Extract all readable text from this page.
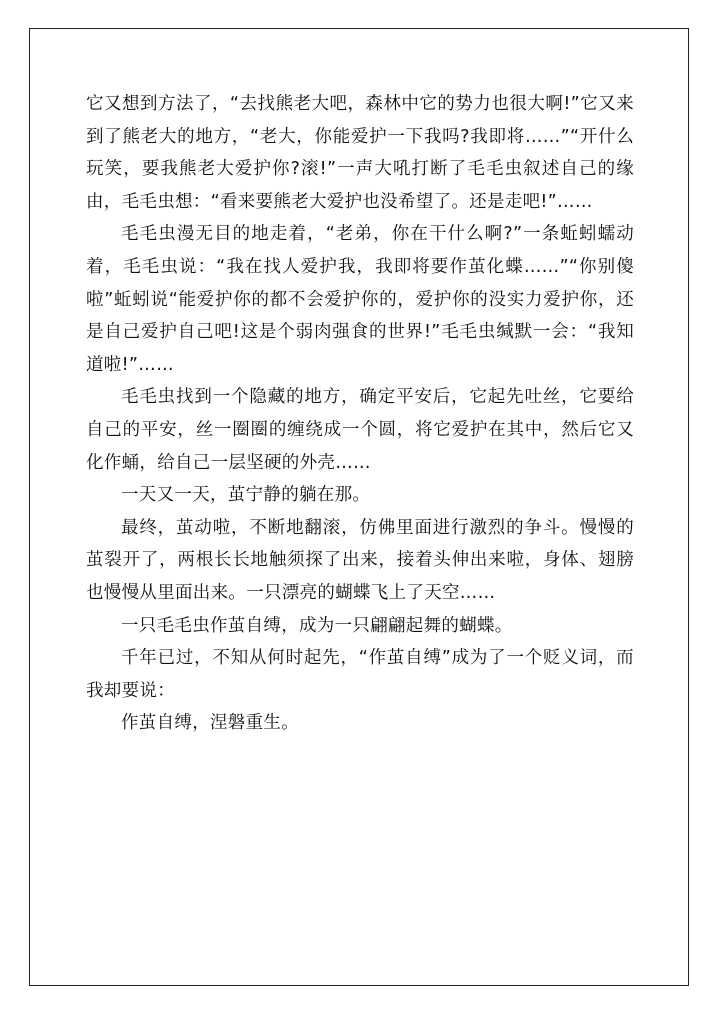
它又想到方法了，“去找熊老大吧，森林中它的势力也很大啊!”它又来到了熊老大的地方，“老大，你能爱护一下我吗?我即将……”“开什么玩笑，要我熊老大爱护你?滚!”一声大吼打断了毛毛虫叙述自己的缘由，毛毛虫想：“看来要熊老大爱护也没希望了。还是走吧!”……

毛毛虫漫无目的地走着，“老弟，你在干什么啊?”一条蚯蚓蠕动着，毛毛虫说：“我在找人爱护我，我即将要作茧化蝶……”“你别傻啦”蚯蚓说“能爱护你的都不会爱护你的，爱护你的没实力爱护你，还是自己爱护自己吧!这是个弱肉强食的世界!”毛毛虫缄默一会：“我知道啦!”……

毛毛虫找到一个隐藏的地方，确定平安后，它起先吐丝，它要给自己的平安，丝一圈圈的缠绕成一个圆，将它爱护在其中，然后它又化作蛹，给自己一层坚硬的外壳……

一天又一天，茧宁静的躺在那。

最终，茧动啦，不断地翻滚，仿佛里面进行激烈的争斗。慢慢的茧裂开了，两根长长地触须探了出来，接着头伸出来啦，身体、翅膀也慢慢从里面出来。一只漂亮的蝴蝶飞上了天空……

一只毛毛虫作茧自缚，成为一只翩翩起舞的蝴蝶。

千年已过，不知从何时起先，“作茧自缚”成为了一个贬义词，而我却要说：

作茧自缚，涅磐重生。
